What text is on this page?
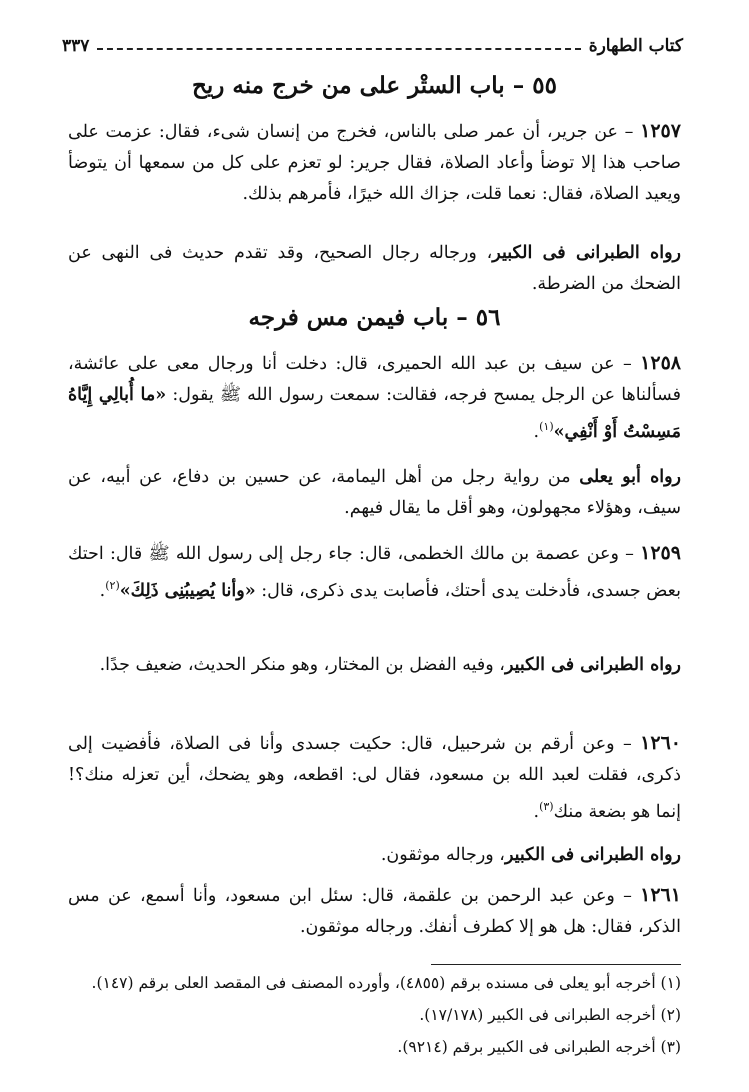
كتاب الطهارة
٣٣٧
٥٥ – باب الستْر على من خرج منه ريح
١٢٥٧ – عن جرير، أن عمر صلى بالناس، فخرج من إنسان شىء، فقال: عزمت على صاحب هذا إلا توضأ وأعاد الصلاة، فقال جرير: لو تعزم على كل من سمعها أن يتوضأ ويعيد الصلاة، فقال: نعما قلت، جزاك الله خيرًا، فأمرهم بذلك.
رواه الطبرانى فى الكبير، ورجاله رجال الصحيح، وقد تقدم حديث فى النهى عن الضحك من الضرطة.
٥٦ – باب فيمن مس فرجه
١٢٥٨ – عن سيف بن عبد الله الحميرى، قال: دخلت أنا ورجال معى على عائشة، فسألناها عن الرجل يمسح فرجه، فقالت: سمعت رسول الله ﷺ يقول: «ما أُبالِي إِيَّاهُ مَسِسْتُ أَوْ أَنْفِي»$^{(١)}$.
رواه أبو يعلى من رواية رجل من أهل اليمامة، عن حسين بن دفاع، عن أبيه، عن سيف، وهؤلاء مجهولون، وهو أقل ما يقال فيهم.
١٢٥٩ – وعن عصمة بن مالك الخطمى، قال: جاء رجل إلى رسول الله ﷺ قال: احتك بعض جسدى، فأدخلت يدى أحتك، فأصابت يدى ذكرى، قال: «وأنا يُصِيبُنِى ذَلِكَ»$^{(٢)}$.
رواه الطبرانى فى الكبير، وفيه الفضل بن المختار، وهو منكر الحديث، ضعيف جدًا.
١٢٦٠ – وعن أرقم بن شرحبيل، قال: حكيت جسدى وأنا فى الصلاة، فأفضيت إلى ذكرى، فقلت لعبد الله بن مسعود، فقال لى: اقطعه، وهو يضحك، أين تعزله منك؟! إنما هو بضعة منك$^{(٣)}$.
رواه الطبرانى فى الكبير، ورجاله موثقون.
١٢٦١ – وعن عبد الرحمن بن علقمة، قال: سئل ابن مسعود، وأنا أسمع، عن مس الذكر، فقال: هل هو إلا كطرف أنفك. ورجاله موثقون.
(١) أخرجه أبو يعلى فى مسنده برقم (٤٨٥٥)، وأورده المصنف فى المقصد العلى برقم (١٤٧).
(٢) أخرجه الطبرانى فى الكبير (١٧/١٧٨).
(٣) أخرجه الطبرانى فى الكبير برقم (٩٢١٤).
